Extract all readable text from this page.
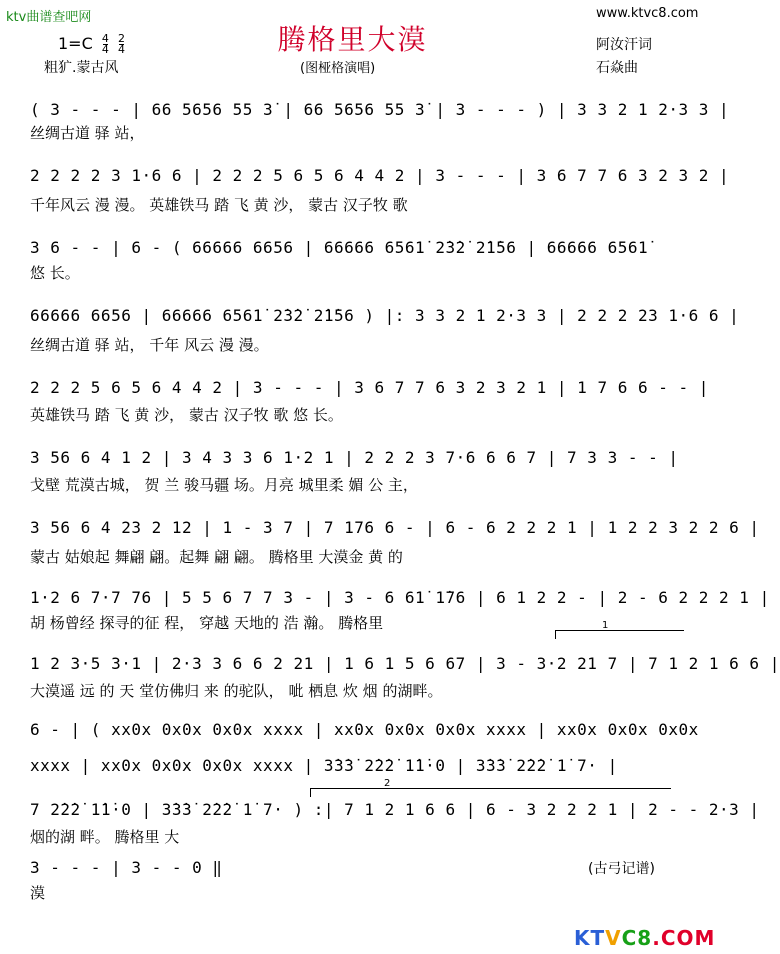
ktv曲谱查吧网	www.ktvc8.com
腾格里大漠
$1=C \frac{4}{4}$
$\frac{2}{4}$
粗犷.蒙古风	(图桠格演唱)
阿汝汗词
石焱曲
( 3 - - - | 66 5656 55 3̇ | 66 5656 55 3̇ | 3 - - - ) | 3 3 2 1 2·3 3 |
丝绸古道 驿 站，
2 2 2 2 3 1·6 6 | 2 2 2 5 6 5 6 4 4 2 | 3 - - - | 3 6 7 7 6 3 2 3 2 |
千年风云 漫 漫。 英雄铁马 踏 飞 黄 沙， 蒙古 汉子牧 歌
3 6 - - | 6 - ( 66666 6656 | 66666 6561̇ 2̇3̇2̇ 2̇1̇56 | 66666 6561̇
悠 长。
66666 6656 | 66666 6561̇ 2̇3̇2̇ 2̇1̇56 ) |: 3 3 2 1 2·3 3 | 2 2 2 23 1·6 6 |
丝绸古道 驿 站， 千年 风云 漫 漫。
2 2 2 5 6 5 6 4 4 2 | 3 - - - | 3 6 7 7 6 3 2 3 2 1 | 1 7 6 6 - - |
英雄铁马 踏 飞 黄 沙， 蒙古 汉子牧 歌 悠 长。
3 56 6 4 1 2 | 3 4 3 3 6 1·2 1 | 2 2 2 3 7·6 6 6 7 | 7 3 3 - - |
戈壁 荒漠古城， 贺 兰 骏马疆 场。月亮 城里柔 媚 公 主，
3 56 6 4 23 2 12 | 1 - 3 7 | 7 176 6 - | 6 - 6 2 2 2 1 | 1 2 2 3 2 2 6 |
蒙古 姑娘起 舞翩 翩。起舞 翩 翩。 腾格里 大漠金 黄 的
1·2 6 7·7 76 | 5 5 6 7 7 3 - | 3 - 6 61̇ 1̇76 | 6 1 2 2 - | 2 - 6 2 2 2 1 |
胡 杨曾经 探寻的征 程， 穿越 天地的 浩 瀚。 腾格里	1
1 2 3·5 3·1 | 2·3 3 6 6 2 21 | 1 6 1 5 6 67 | 3 - 3·2 21 7 | 7 1 2 1 6 6 |
大漠遥 远 的 天 堂仿佛归 来 的驼队， 呲 栖息 炊 烟 的湖畔。
6 - | ( xx0x 0x0x 0x0x xxxx | xx0x 0x0x 0x0x xxxx | xx0x 0x0x 0x0x
xxxx | xx0x 0x0x 0x0x xxxx | 3̇3̇3̇ 2̇2̇2̇ 1̇1̇·0 | 3̇3̇3̇ 2̇2̇2̇ 1̇ 7· |
2
7 2̇2̇2̇ 1̇1̇·0 | 3̇3̇3̇ 2̇2̇2̇ 1̇ 7· ) :| 7 1 2 1 6 6 | 6 - 3 2 2 2 1 | 2 - - 2·3 |
烟的湖 畔。 腾格里 大
3 - - - | 3 - - 0 ‖
漠
(古弓记谱)
KTVC8.COM
